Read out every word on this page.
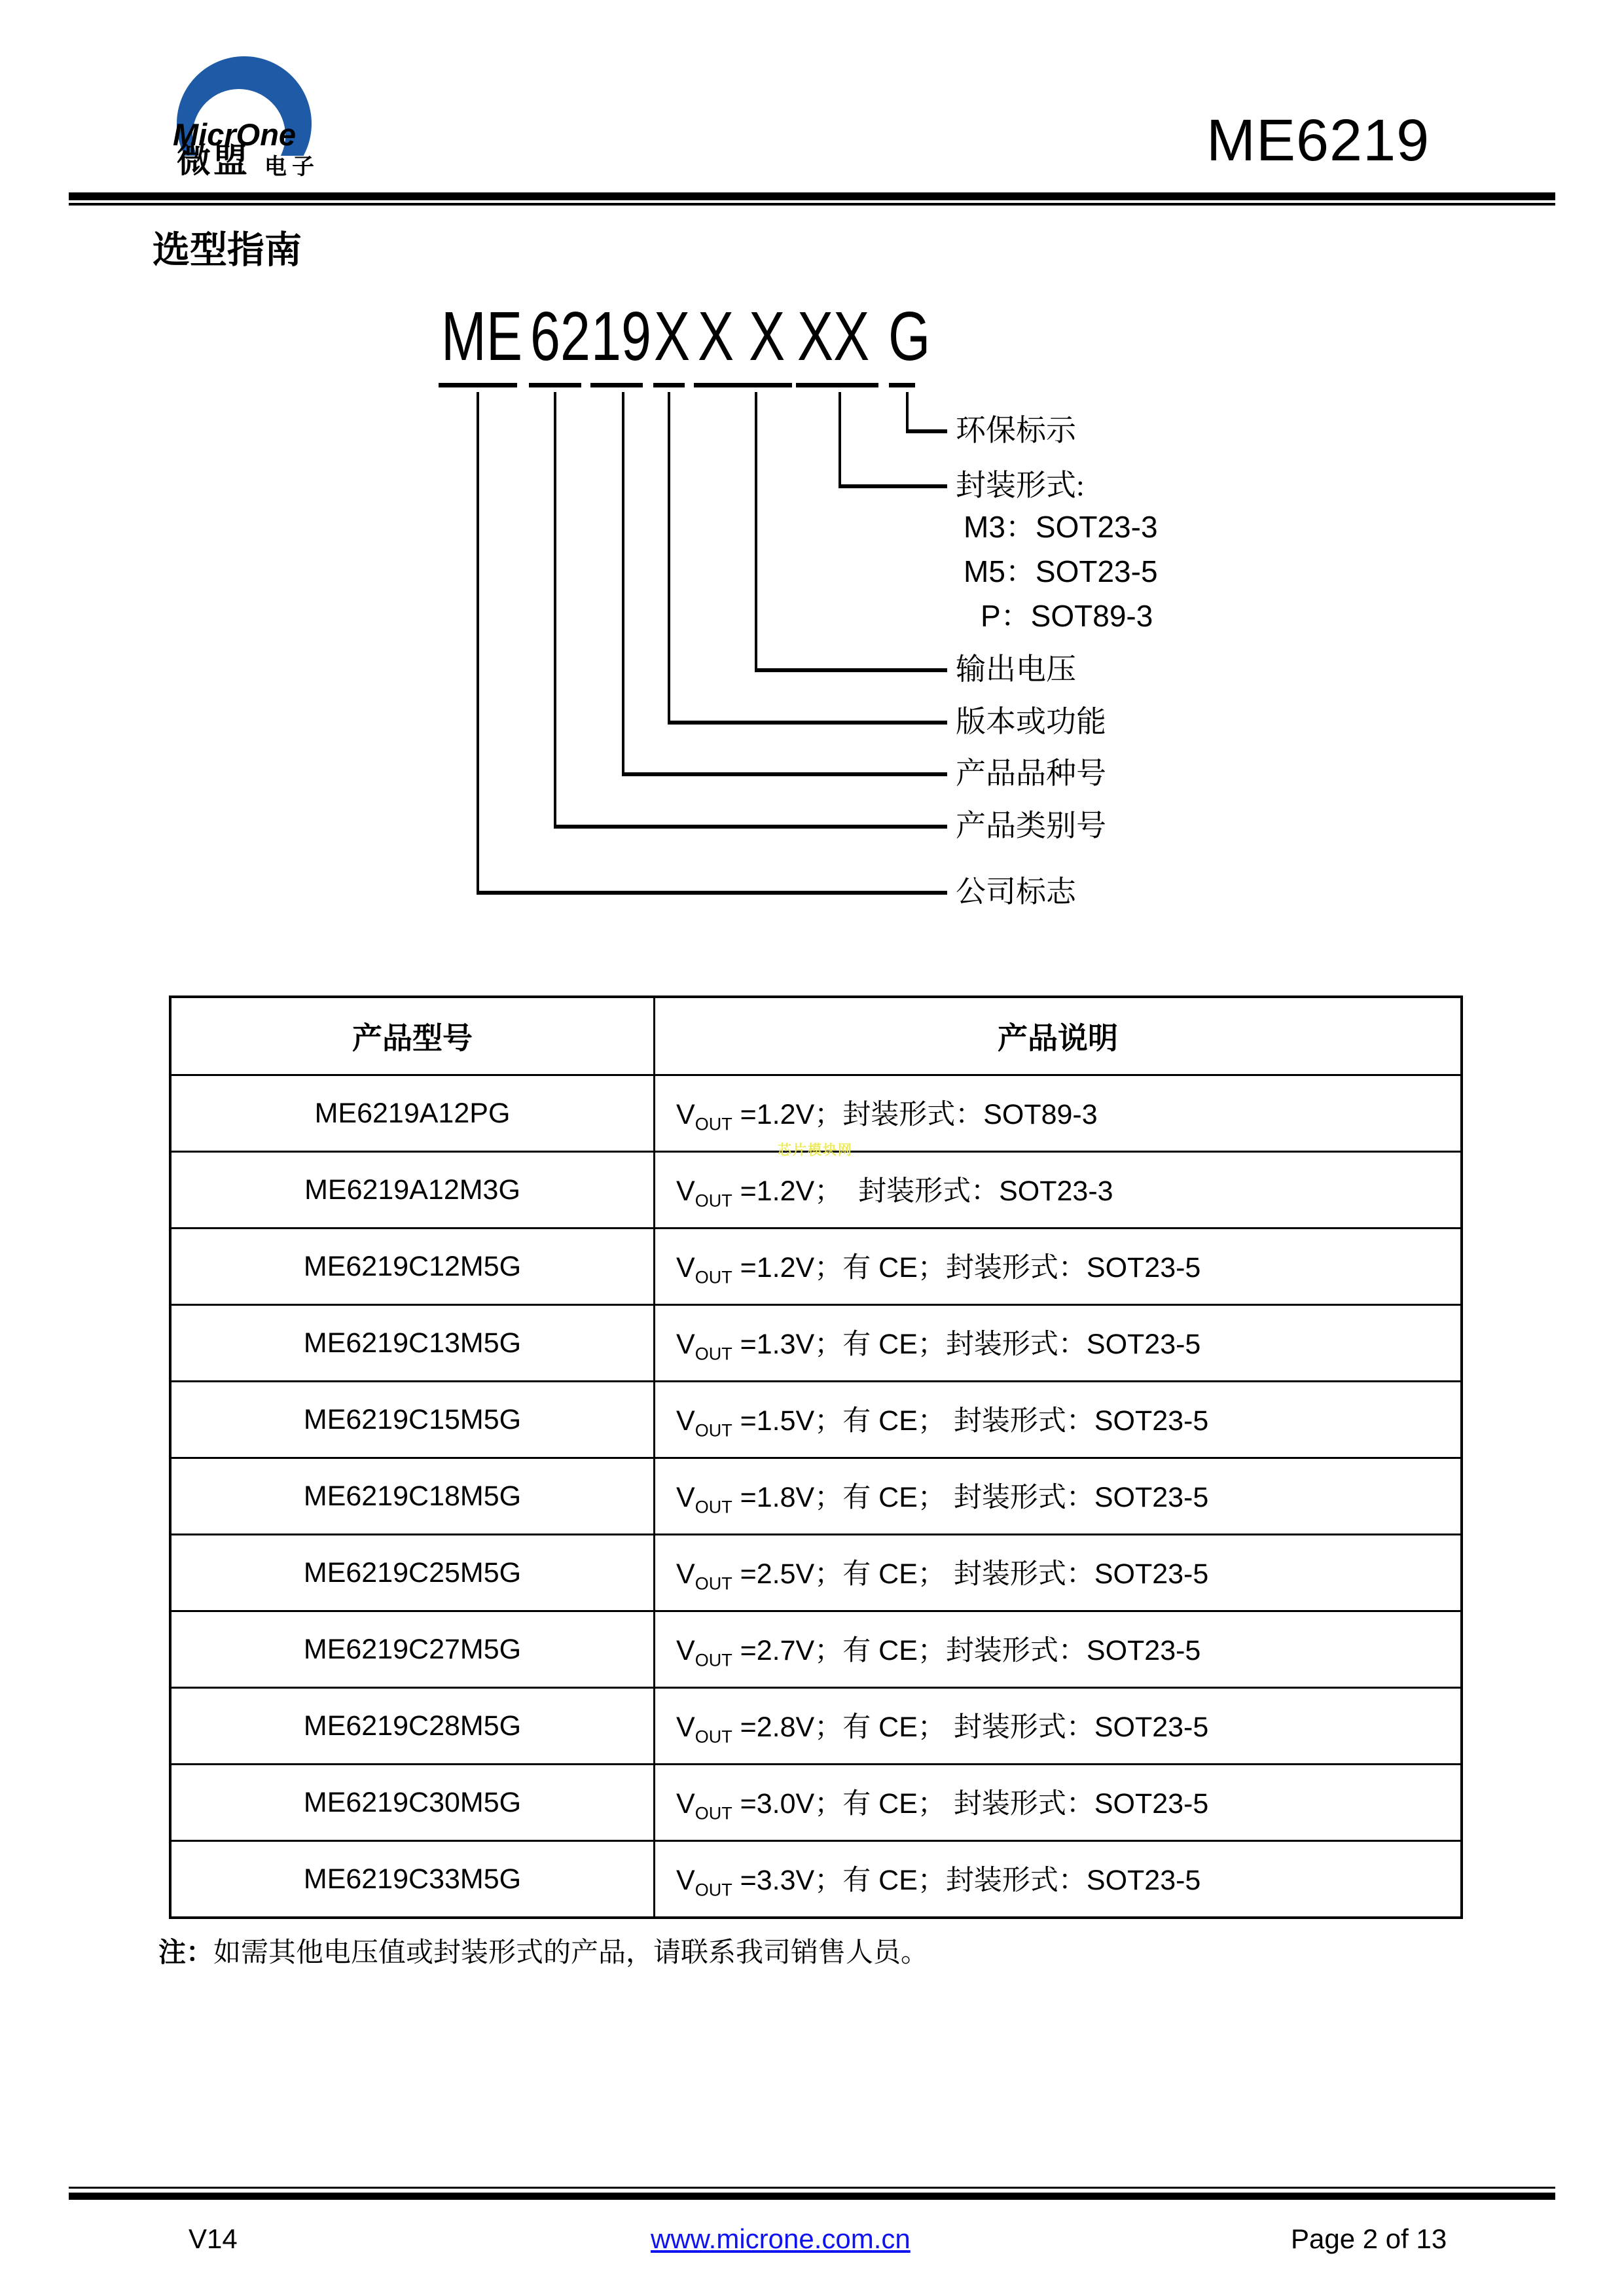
MicrOne
微盟 电子	ME6219
选型指南
ME 62 19 X X X XX G
环保标示
封装形式:
输出电压
版本或功能
产品品种号
产品类别号
公司标志
M3：SOT23-3
M5：SOT23-5
P：SOT89-3
产品型号	产品说明
ME6219A12PG	$V_{OUT} =1.2V$；封装形式：SOT89-3
ME6219A12M3G	$V_{OUT} =1.2V$；  封装形式：SOT23-3
ME6219C12M5G	$V_{OUT} =1.2V$；有 CE；封装形式：SOT23-5
ME6219C13M5G	$V_{OUT} =1.3V$；有 CE；封装形式：SOT23-5
ME6219C15M5G	$V_{OUT} =1.5V$；有 CE； 封装形式：SOT23-5
ME6219C18M5G	$V_{OUT} =1.8V$；有 CE； 封装形式：SOT23-5
ME6219C25M5G	$V_{OUT} =2.5V$；有 CE； 封装形式：SOT23-5
ME6219C27M5G	$V_{OUT} =2.7V$；有 CE；封装形式：SOT23-5
ME6219C28M5G	$V_{OUT} =2.8V$；有 CE； 封装形式：SOT23-5
ME6219C30M5G	$V_{OUT} =3.0V$；有 CE； 封装形式：SOT23-5
ME6219C33M5G	$V_{OUT} =3.3V$；有 CE；封装形式：SOT23-5
芯片模块网
注：如需其他电压值或封装形式的产品，请联系我司销售人员。
V14	www.microne.com.cn	Page 2 of 13
